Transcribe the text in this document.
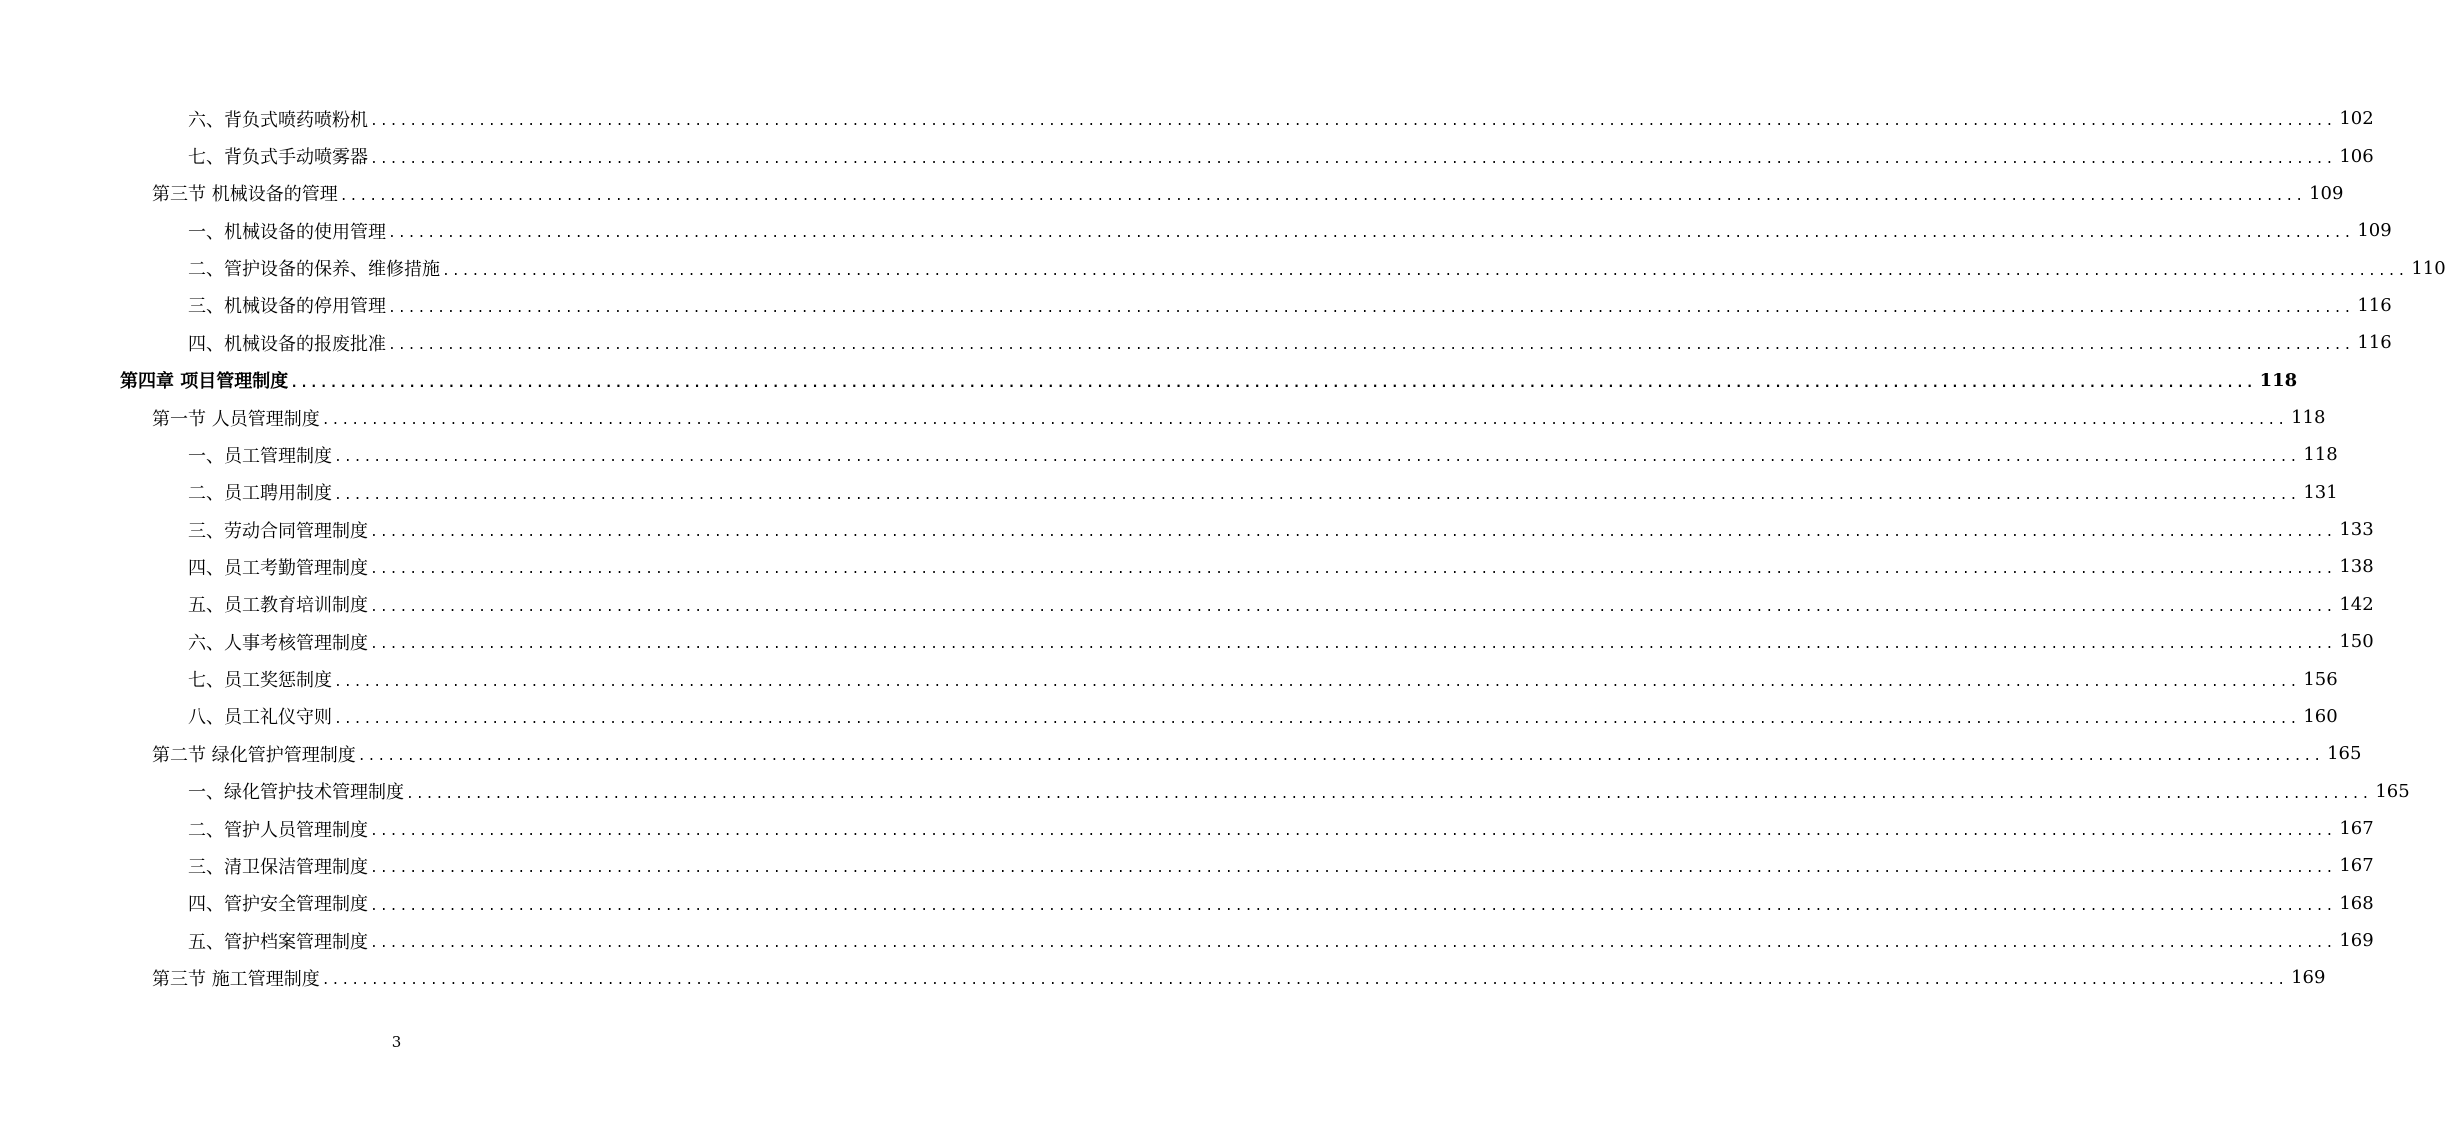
六、背负式喷药喷粉机 ........................................................................................................................................................................................................ 102
七、背负式手动喷雾器 ........................................................................................................................................................................................................ 106
第三节 机械设备的管理 ........................................................................................................................................................................................................ 109
一、机械设备的使用管理 ........................................................................................................................................................................................................ 109
二、管护设备的保养、维修措施 ........................................................................................................................................................................................................ 110
三、机械设备的停用管理 ........................................................................................................................................................................................................ 116
四、机械设备的报废批准 ........................................................................................................................................................................................................ 116
第四章 项目管理制度 ........................................................................................................................................................................................................ 118
第一节 人员管理制度 ........................................................................................................................................................................................................ 118
一、员工管理制度 ........................................................................................................................................................................................................ 118
二、员工聘用制度 ........................................................................................................................................................................................................ 131
三、劳动合同管理制度 ........................................................................................................................................................................................................ 133
四、员工考勤管理制度 ........................................................................................................................................................................................................ 138
五、员工教育培训制度 ........................................................................................................................................................................................................ 142
六、人事考核管理制度 ........................................................................................................................................................................................................ 150
七、员工奖惩制度 ........................................................................................................................................................................................................ 156
八、员工礼仪守则 ........................................................................................................................................................................................................ 160
第二节 绿化管护管理制度 ........................................................................................................................................................................................................ 165
一、绿化管护技术管理制度 ........................................................................................................................................................................................................ 165
二、管护人员管理制度 ........................................................................................................................................................................................................ 167
三、清卫保洁管理制度 ........................................................................................................................................................................................................ 167
四、管护安全管理制度 ........................................................................................................................................................................................................ 168
五、管护档案管理制度 ........................................................................................................................................................................................................ 169
第三节 施工管理制度 ........................................................................................................................................................................................................ 169
3
